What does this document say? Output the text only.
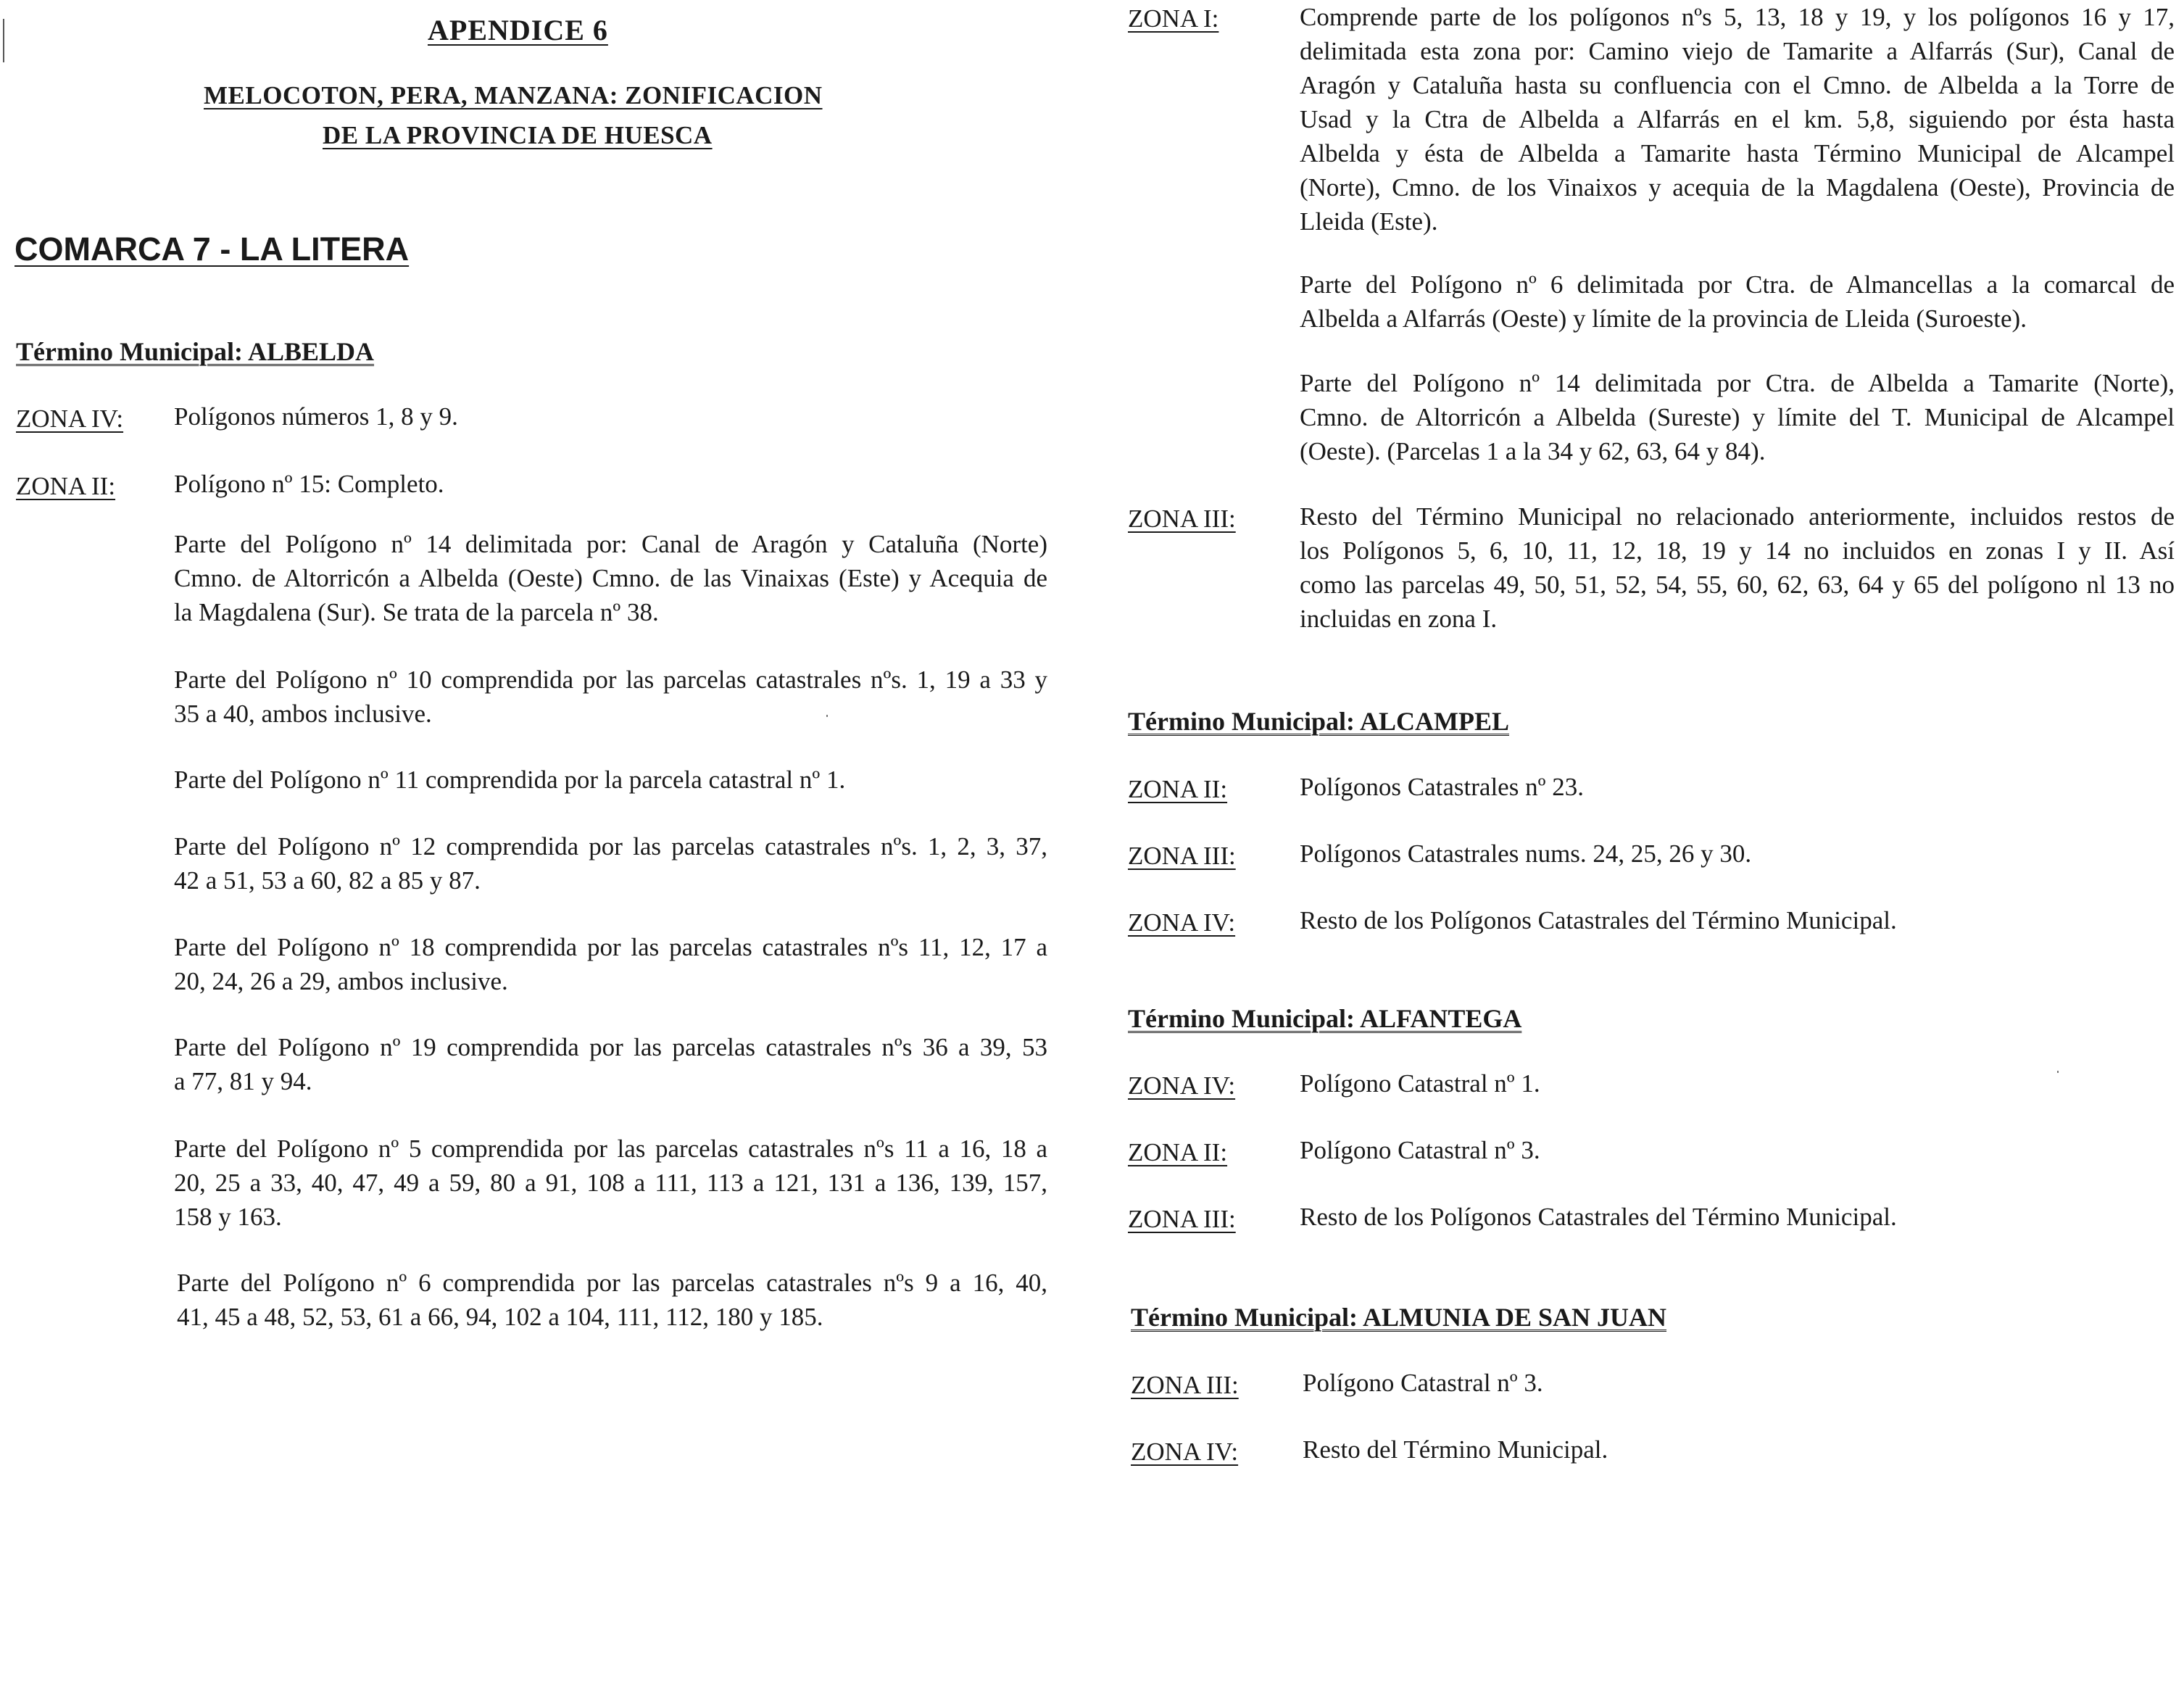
APENDICE 6
MELOCOTON, PERA, MANZANA: ZONIFICACION
DE LA PROVINCIA DE HUESCA
COMARCA 7 - LA LITERA
Término Municipal: ALBELDA
ZONA IV: Polígonos números 1, 8 y 9.
ZONA II: Polígono nº 15: Completo.
Parte del Polígono nº 14 delimitada por: Canal de Aragón y Cataluña (Norte)
Cmno. de Altorricón a Albelda (Oeste) Cmno. de las Vinaixas (Este) y Acequia de
la Magdalena (Sur). Se trata de la parcela nº 38.
Parte del Polígono nº 10 comprendida por las parcelas catastrales nºs. 1, 19 a 33 y
35 a 40, ambos inclusive.
Parte del Polígono nº 11 comprendida por la parcela catastral nº 1.
Parte del Polígono nº 12 comprendida por las parcelas catastrales nºs. 1, 2, 3, 37,
42 a 51, 53 a 60, 82 a 85 y 87.
Parte del Polígono nº 18 comprendida por las parcelas catastrales nºs 11, 12, 17 a
20, 24, 26 a 29, ambos inclusive.
Parte del Polígono nº 19 comprendida por las parcelas catastrales nºs 36 a 39, 53
a 77, 81 y 94.
Parte del Polígono nº 5 comprendida por las parcelas catastrales nºs 11 a 16, 18 a
20, 25 a 33, 40, 47, 49 a 59, 80 a 91, 108 a 111, 113 a 121, 131 a 136, 139, 157,
158 y 163.
Parte del Polígono nº 6 comprendida por las parcelas catastrales nºs 9 a 16, 40,
41, 45 a 48, 52, 53, 61 a 66, 94, 102 a 104, 111, 112, 180 y 185.
ZONA I:	Comprende parte de los polígonos nºs 5, 13, 18 y 19, y los polígonos 16 y 17,
delimitada esta zona por: Camino viejo de Tamarite a Alfarrás (Sur), Canal de
Aragón y Cataluña hasta su confluencia con el Cmno. de Albelda a la Torre de
Usad y la Ctra de Albelda a Alfarrás en el km. 5,8, siguiendo por ésta hasta
Albelda y ésta de Albelda a Tamarite hasta Término Municipal de Alcampel
(Norte), Cmno. de los Vinaixos y acequia de la Magdalena (Oeste), Provincia de
Lleida (Este).
Parte del Polígono nº 6 delimitada por Ctra. de Almancellas a la comarcal de
Albelda a Alfarrás (Oeste) y límite de la provincia de Lleida (Suroeste).
Parte del Polígono nº 14 delimitada por Ctra. de Albelda a Tamarite (Norte),
Cmno. de Altorricón a Albelda (Sureste) y límite del T. Municipal de Alcampel
(Oeste). (Parcelas 1 a la 34 y 62, 63, 64 y 84).
ZONA III:	Resto del Término Municipal no relacionado anteriormente, incluidos restos de
los Polígonos 5, 6, 10, 11, 12, 18, 19 y 14 no incluidos en zonas I y II. Así
como las parcelas 49, 50, 51, 52, 54, 55, 60, 62, 63, 64 y 65 del polígono nl 13 no
incluidas en zona I.
Término Municipal: ALCAMPEL
ZONA II:	Polígonos Catastrales nº 23.
ZONA III:	Polígonos Catastrales nums. 24, 25, 26 y 30.
ZONA IV:	Resto de los Polígonos Catastrales del Término Municipal.
Término Municipal: ALFANTEGA
ZONA IV:	Polígono Catastral nº 1.
ZONA II:	Polígono Catastral nº 3.
ZONA III:	Resto de los Polígonos Catastrales del Término Municipal.
Término Municipal: ALMUNIA DE SAN JUAN
ZONA III:	Polígono Catastral nº 3.
ZONA IV:	Resto del Término Municipal.
